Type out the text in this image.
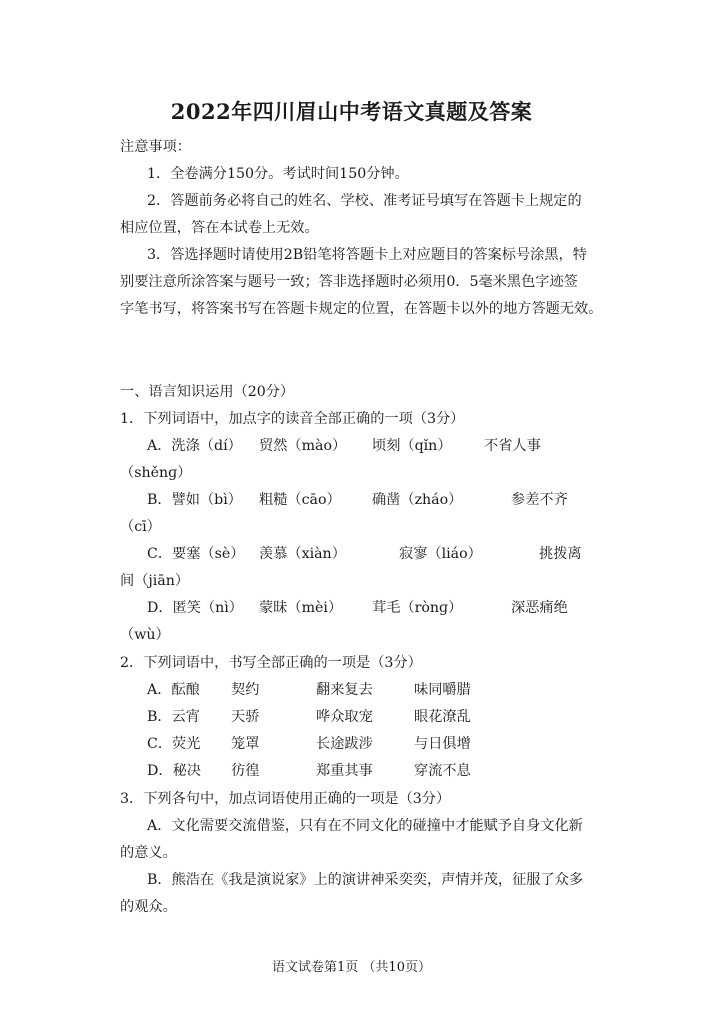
2022年四川眉山中考语文真题及答案
注意事项：
1．全卷满分150分。考试时间150分钟。
2．答题前务必将自己的姓名、学校、准考证号填写在答题卡上规定的
相应位置，答在本试卷上无效。
3．答选择题时请使用2B铅笔将答题卡上对应题目的答案标号涂黑，特
别要注意所涂答案与题号一致；答非选择题时必须用0．5毫米黑色字迹签
字笔书写，将答案书写在答题卡规定的位置，在答题卡以外的地方答题无效。
一、语言知识运用（20分）
1．下列词语中，加点字的读音全部正确的一项（3分）
A．洗涤（dí） 贸然（mào） 顷刻（qǐn） 不省人事
（shěnɡ）
B．譬如（bì） 粗糙（cāo） 确凿（zháo）	参差不齐
（cī）
C．要塞（sè） 羡慕（xiàn）	寂寥（liáo）	挑拨离
间（jiān）
D．匿笑（nì） 蒙昧（mèi） 茸毛（rònɡ）	深恶痛绝
（wù）
2．下列词语中，书写全部正确的一项是（3分）
A．酝酿 契约	翻来复去	味同嚼腊
B．云宵 天骄	哗众取宠	眼花潦乱
C．荧光 笼罩	长途跋涉	与日俱增
D．秘决 彷徨	郑重其事	穿流不息
3．下列各句中，加点词语使用正确的一项是（3分）
A．文化需要交流借鉴，只有在不同文化的碰撞中才能赋予自身文化新
的意义。
B．熊浩在《我是演说家》上的演讲神采奕奕，声情并茂，征服了众多
的观众。
语文试卷第1页 （共10页）
